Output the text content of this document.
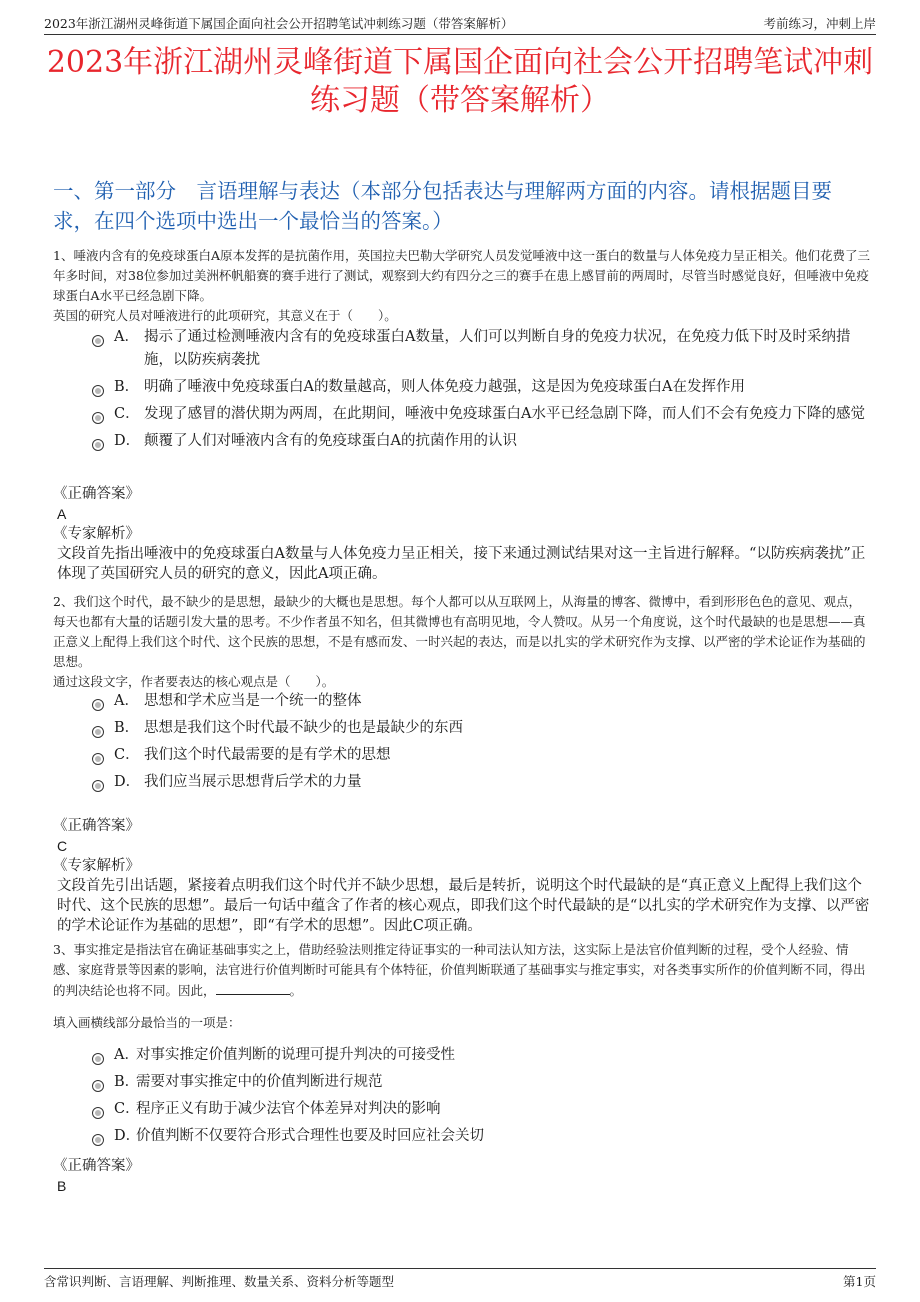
2023年浙江湖州灵峰街道下属国企面向社会公开招聘笔试冲刺练习题（带答案解析）	考前练习，冲刺上岸
2023年浙江湖州灵峰街道下属国企面向社会公开招聘笔试冲刺
练习题（带答案解析）
一、第一部分　言语理解与表达（本部分包括表达与理解两方面的内容。请根据题目要求，在四个选项中选出一个最恰当的答案。）
1、唾液内含有的免疫球蛋白A原本发挥的是抗菌作用，英国拉夫巴勒大学研究人员发觉唾液中这一蛋白的数量与人体免疫力呈正相关。他们花费了三年多时间，对38位参加过美洲杯帆船赛的赛手进行了测试，观察到大约有四分之三的赛手在患上感冒前的两周时，尽管当时感觉良好，但唾液中免疫球蛋白A水平已经急剧下降。
英国的研究人员对唾液进行的此项研究，其意义在于（　　）。
A． 揭示了通过检测唾液内含有的免疫球蛋白A数量，人们可以判断自身的免疫力状况，在免疫力低下时及时采纳措施，以防疾病袭扰
B． 明确了唾液中免疫球蛋白A的数量越高，则人体免疫力越强，这是因为免疫球蛋白A在发挥作用
C． 发现了感冒的潜伏期为两周，在此期间，唾液中免疫球蛋白A水平已经急剧下降，而人们不会有免疫力下降的感觉
D． 颠覆了人们对唾液内含有的免疫球蛋白A的抗菌作用的认识
《正确答案》
A
《专家解析》
文段首先指出唾液中的免疫球蛋白A数量与人体免疫力呈正相关，接下来通过测试结果对这一主旨进行解释。“以防疾病袭扰”正体现了英国研究人员的研究的意义，因此A项正确。
2、我们这个时代，最不缺少的是思想，最缺少的大概也是思想。每个人都可以从互联网上，从海量的博客、微博中，看到形形色色的意见、观点，每天也都有大量的话题引发大量的思考。不少作者虽不知名，但其微博也有高明见地，令人赞叹。从另一个角度说，这个时代最缺的也是思想——真正意义上配得上我们这个时代、这个民族的思想，不是有感而发、一时兴起的表达，而是以扎实的学术研究作为支撑、以严密的学术论证作为基础的思想。
通过这段文字，作者要表达的核心观点是（　　）。
A． 思想和学术应当是一个统一的整体
B． 思想是我们这个时代最不缺少的也是最缺少的东西
C． 我们这个时代最需要的是有学术的思想
D． 我们应当展示思想背后学术的力量
《正确答案》
C
《专家解析》
文段首先引出话题，紧接着点明我们这个时代并不缺少思想，最后是转折，说明这个时代最缺的是“真正意义上配得上我们这个时代、这个民族的思想”。最后一句话中蕴含了作者的核心观点，即我们这个时代最缺的是“以扎实的学术研究作为支撑、以严密的学术论证作为基础的思想”，即“有学术的思想”。因此C项正确。
3、事实推定是指法官在确证基础事实之上，借助经验法则推定待证事实的一种司法认知方法，这实际上是法官价值判断的过程，受个人经验、情感、家庭背景等因素的影响，法官进行价值判断时可能具有个体特征，价值判断联通了基础事实与推定事实，对各类事实所作的价值判断不同，得出的判决结论也将不同。因此，	。
填入画横线部分最恰当的一项是：
A．
对事实推定价值判断的说理可提升判决的可接受性
B．
需要对事实推定中的价值判断进行规范
C．
程序正义有助于减少法官个体差异对判决的影响
D．
价值判断不仅要符合形式合理性也要及时回应社会关切
《正确答案》
B
含常识判断、言语理解、判断推理、数量关系、资料分析等题型	第1页
